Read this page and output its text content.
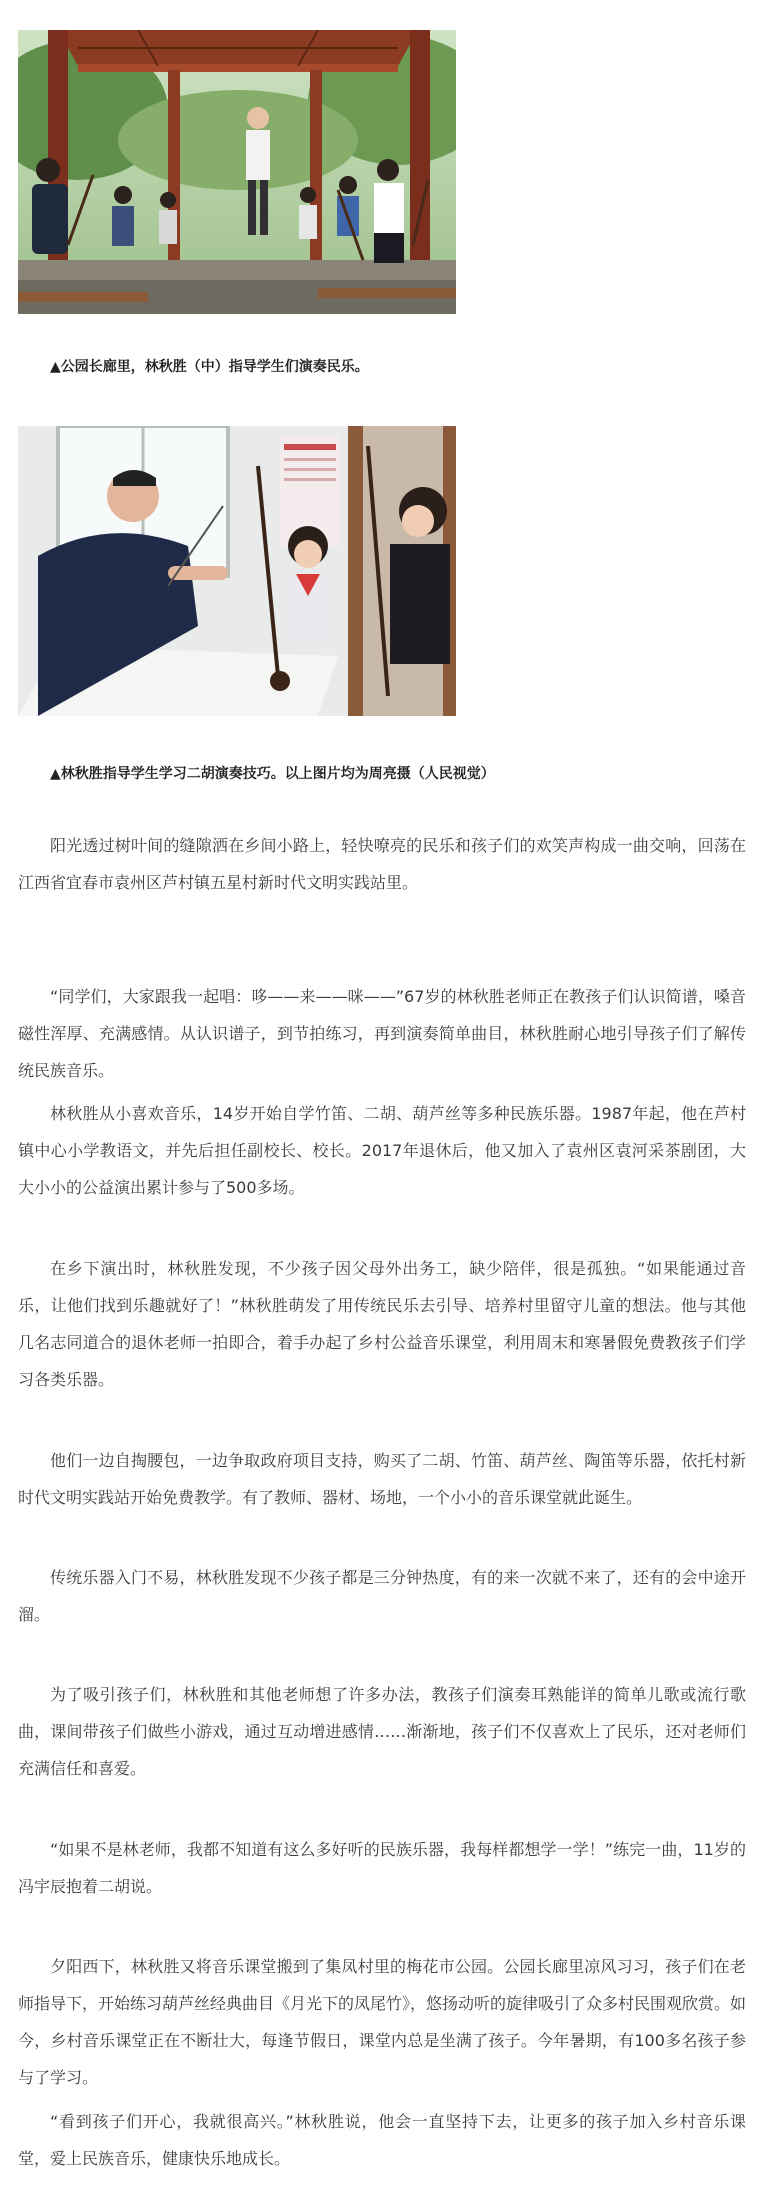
▲公园长廊里，林秋胜（中）指导学生们演奏民乐。
▲林秋胜指导学生学习二胡演奏技巧。以上图片均为周亮摄（人民视觉）

阳光透过树叶间的缝隙洒在乡间小路上，轻快嘹亮的民乐和孩子们的欢笑声构成一曲交响，回荡在江西省宜春市袁州区芦村镇五星村新时代文明实践站里。

“同学们，大家跟我一起唱：哆——来——咪——”67岁的林秋胜老师正在教孩子们认识简谱，嗓音磁性浑厚、充满感情。从认识谱子，到节拍练习，再到演奏简单曲目，林秋胜耐心地引导孩子们了解传统民族音乐。

林秋胜从小喜欢音乐，14岁开始自学竹笛、二胡、葫芦丝等多种民族乐器。1987年起，他在芦村镇中心小学教语文，并先后担任副校长、校长。2017年退休后，他又加入了袁州区袁河采茶剧团，大大小小的公益演出累计参与了500多场。

在乡下演出时，林秋胜发现，不少孩子因父母外出务工，缺少陪伴，很是孤独。“如果能通过音乐，让他们找到乐趣就好了！”林秋胜萌发了用传统民乐去引导、培养村里留守儿童的想法。他与其他几名志同道合的退休老师一拍即合，着手办起了乡村公益音乐课堂，利用周末和寒暑假免费教孩子们学习各类乐器。

他们一边自掏腰包，一边争取政府项目支持，购买了二胡、竹笛、葫芦丝、陶笛等乐器，依托村新时代文明实践站开始免费教学。有了教师、器材、场地，一个小小的音乐课堂就此诞生。

传统乐器入门不易，林秋胜发现不少孩子都是三分钟热度，有的来一次就不来了，还有的会中途开溜。

为了吸引孩子们，林秋胜和其他老师想了许多办法，教孩子们演奏耳熟能详的简单儿歌或流行歌曲，课间带孩子们做些小游戏，通过互动增进感情……渐渐地，孩子们不仅喜欢上了民乐，还对老师们充满信任和喜爱。

“如果不是林老师，我都不知道有这么多好听的民族乐器，我每样都想学一学！”练完一曲，11岁的冯宇辰抱着二胡说。

夕阳西下，林秋胜又将音乐课堂搬到了集凤村里的梅花市公园。公园长廊里凉风习习，孩子们在老师指导下，开始练习葫芦丝经典曲目《月光下的凤尾竹》，悠扬动听的旋律吸引了众多村民围观欣赏。如今，乡村音乐课堂正在不断壮大，每逢节假日，课堂内总是坐满了孩子。今年暑期，有100多名孩子参与了学习。

“看到孩子们开心，我就很高兴。”林秋胜说，他会一直坚持下去，让更多的孩子加入乡村音乐课堂，爱上民族音乐，健康快乐地成长。
